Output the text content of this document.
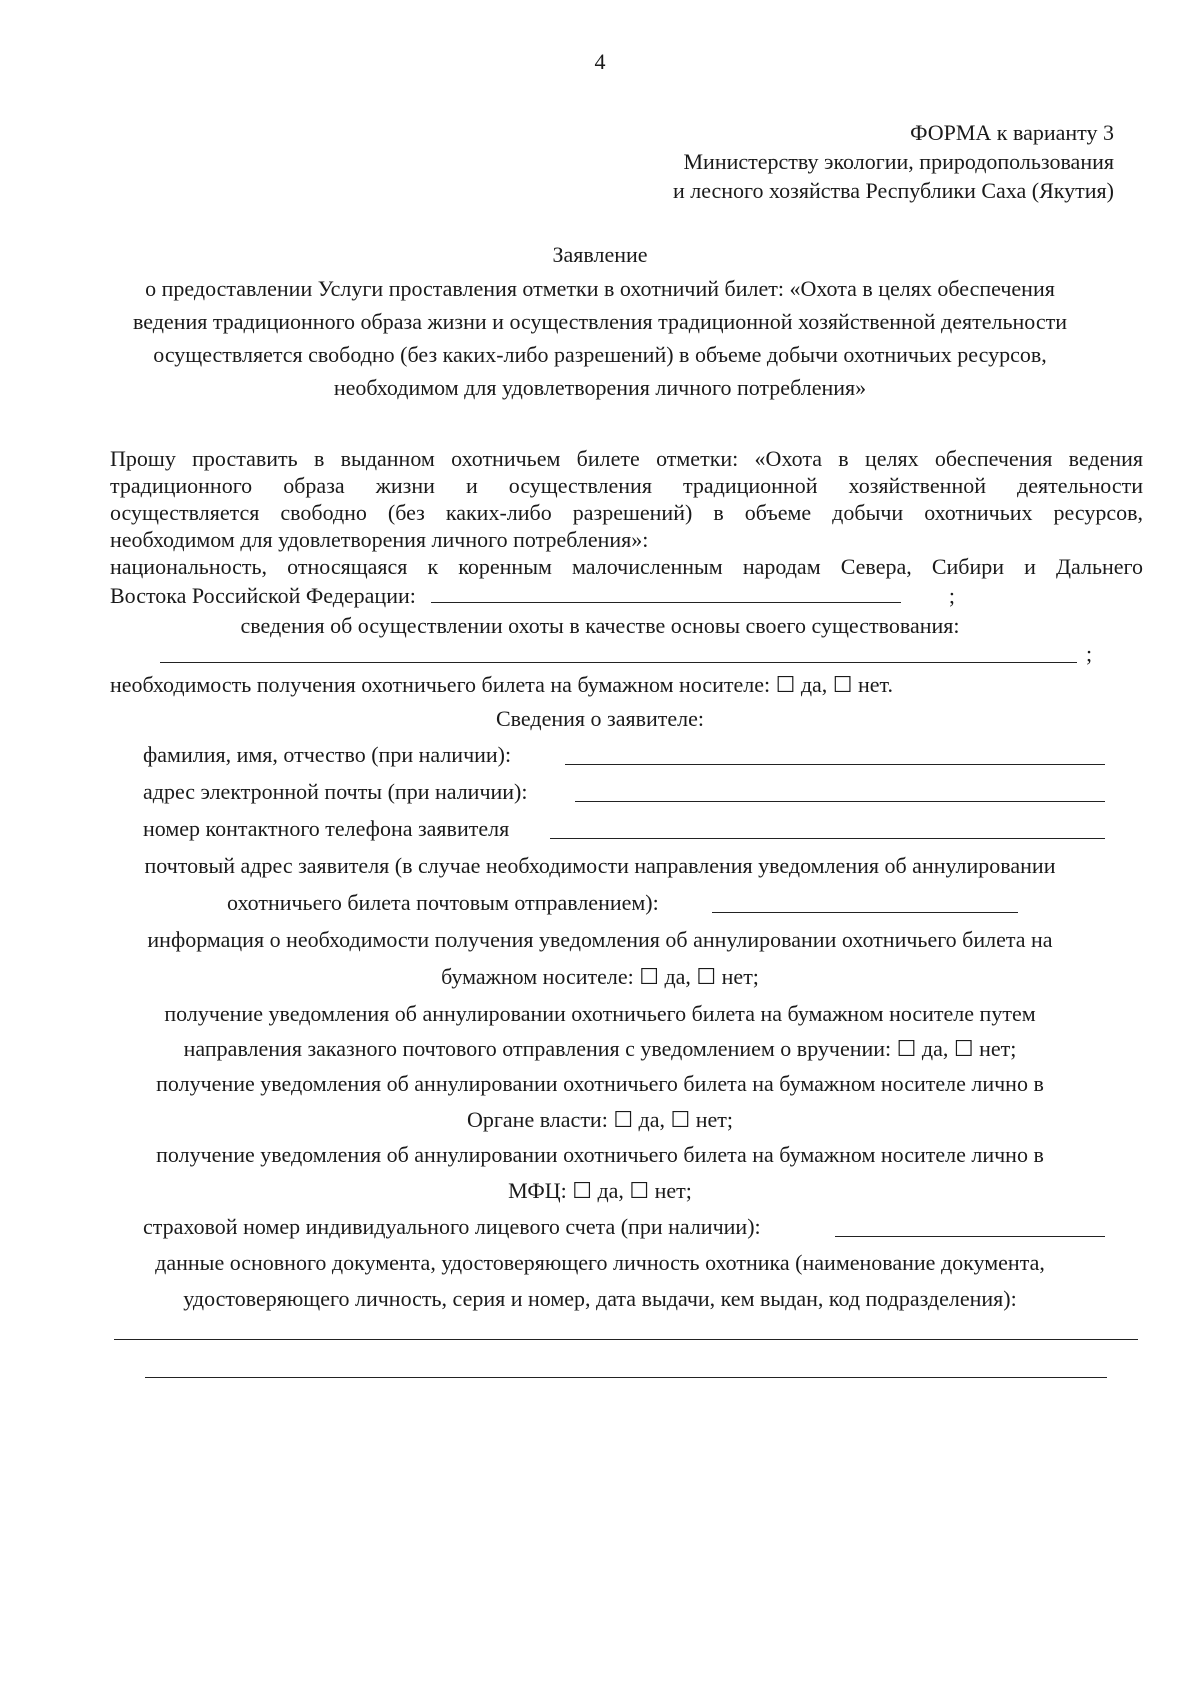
4
ФОРМА к варианту 3
Министерству экологии, природопользования
и лесного хозяйства Республики Саха (Якутия)
Заявление
о предоставлении Услуги проставления отметки в охотничий билет: «Охота в целях обеспечения
ведения традиционного образа жизни и осуществления традиционной хозяйственной деятельности
осуществляется свободно (без каких-либо разрешений) в объеме добычи охотничьих ресурсов,
необходимом для удовлетворения личного потребления»
Прошу проставить в выданном охотничьем билете отметки: «Охота в целях обеспечения ведения
традиционного образа жизни и осуществления традиционной хозяйственной деятельности
осуществляется свободно (без каких-либо разрешений) в объеме добычи охотничьих ресурсов,
необходимом для удовлетворения личного потребления»:
национальность, относящаяся к коренным малочисленным народам Севера, Сибири и Дальнего
Востока Российской Федерации:	;
сведения об осуществлении охоты в качестве основы своего существования:
;
необходимость получения охотничьего билета на бумажном носителе: ☐ да, ☐ нет.
Сведения о заявителе:
фамилия, имя, отчество (при наличии):
адрес электронной почты (при наличии):
номер контактного телефона заявителя
почтовый адрес заявителя (в случае необходимости направления уведомления об аннулировании
охотничьего билета почтовым отправлением):
информация о необходимости получения уведомления об аннулировании охотничьего билета на
бумажном носителе: ☐ да, ☐ нет;
получение уведомления об аннулировании охотничьего билета на бумажном носителе путем
направления заказного почтового отправления с уведомлением о вручении: ☐ да, ☐ нет;
получение уведомления об аннулировании охотничьего билета на бумажном носителе лично в
Органе власти: ☐ да, ☐ нет;
получение уведомления об аннулировании охотничьего билета на бумажном носителе лично в
МФЦ: ☐ да, ☐ нет;
страховой номер индивидуального лицевого счета (при наличии):
данные основного документа, удостоверяющего личность охотника (наименование документа,
удостоверяющего личность, серия и номер, дата выдачи, кем выдан, код подразделения):
